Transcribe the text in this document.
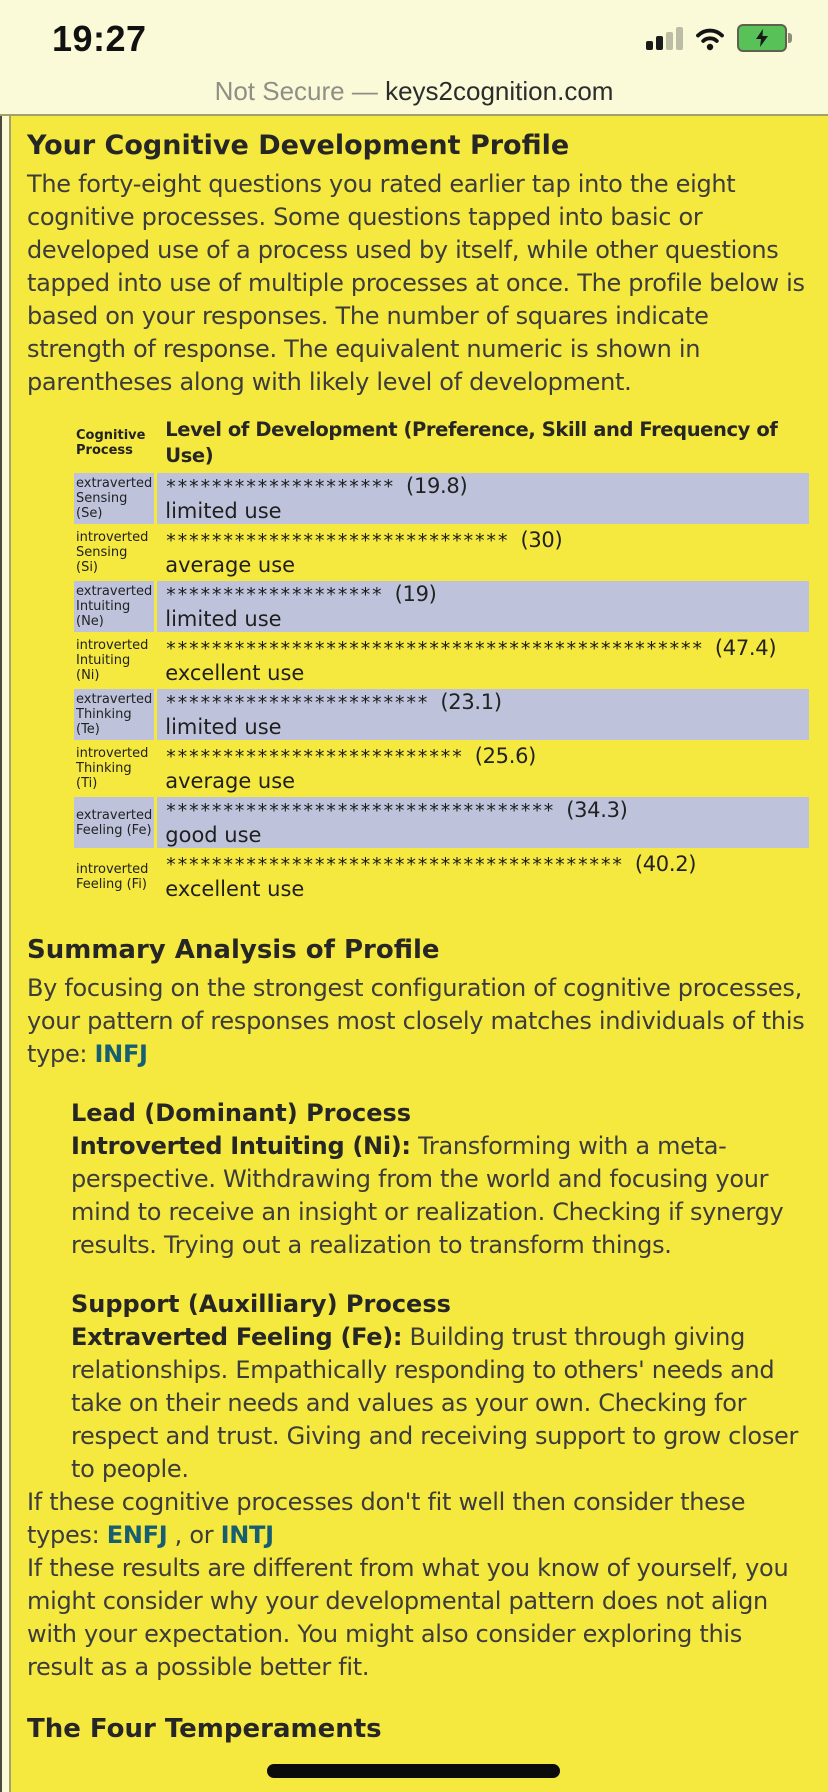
19:27
Not Secure — keys2cognition.com
Your Cognitive Development Profile

The forty-eight questions you rated earlier tap into the eight cognitive processes. Some questions tapped into basic or developed use of a process used by itself, while other questions tapped into use of multiple processes at once. The profile below is based on your responses. The number of squares indicate strength of response. The equivalent numeric is shown in parentheses along with likely level of development.

Cognitive Process	Level of Development (Preference, Skill and Frequency of Use)
extraverted Sensing (Se)	******************** (19.8)
limited use

introverted Sensing (Si)	****************************** (30)
average use

extraverted Intuiting (Ne)	******************* (19)
limited use

introverted Intuiting (Ni)	*********************************************** (47.4)
excellent use

extraverted Thinking (Te)	*********************** (23.1)
limited use

introverted Thinking (Ti)	************************** (25.6)
average use

extraverted Feeling (Fe)	********************************** (34.3)
good use

introverted Feeling (Fi)	**************************************** (40.2)
excellent use
Summary Analysis of Profile

By focusing on the strongest configuration of cognitive processes, your pattern of responses most closely matches individuals of this type: INFJ

Lead (Dominant) Process

Introverted Intuiting (Ni): Transforming with a meta-perspective. Withdrawing from the world and focusing your mind to receive an insight or realization. Checking if synergy results. Trying out a realization to transform things.

Support (Auxilliary) Process

Extraverted Feeling (Fe): Building trust through giving relationships. Empathically responding to others' needs and take on their needs and values as your own. Checking for respect and trust. Giving and receiving support to grow closer to people.

If these cognitive processes don't fit well then consider these types: ENFJ , or INTJ

If these results are different from what you know of yourself, you might consider why your developmental pattern does not align with your expectation. You might also consider exploring this result as a possible better fit.

The Four Temperaments
